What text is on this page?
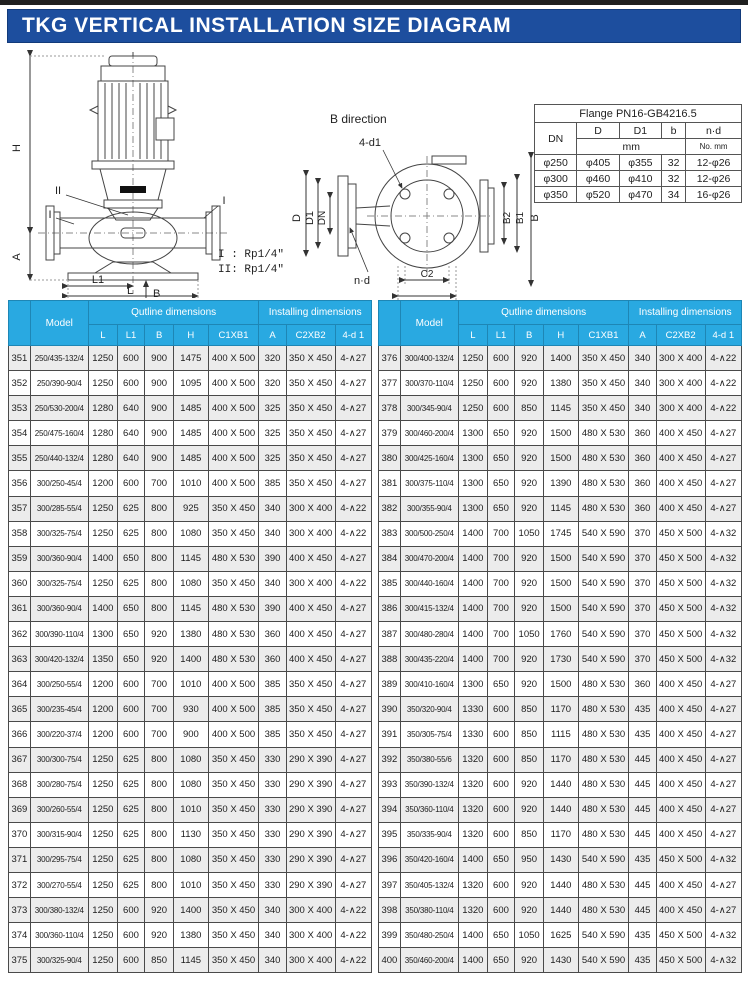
TKG VERTICAL INSTALLATION SIZE DIAGRAM
H
A
L1
L B
II
I
I
B direction
D D1 DN
4-d1
n·d
C2
B2 B1 B
I : Rp1/4"
II: Rp1/4"
Flange PN16-GB4216.5				
DN	D	D1	b	n·d
	mm			No. mm
φ250	φ405	φ355	32	12-φ26
φ300	φ460	φ410	32	12-φ26
φ350	φ520	φ470	34	16-φ26
	Model	Qutline dimensions					Installing dimensions		
		L	L1	B	H	C1XB1	A	C2XB2	4-d 1
351	250/435-132/4	1250	600	900	1475	400 X 500	320	350 X 450	4-∧27
352	250/390-90/4	1250	600	900	1095	400 X 500	320	350 X 450	4-∧27
353	250/530-200/4	1280	640	900	1485	400 X 500	325	350 X 450	4-∧27
354	250/475-160/4	1280	640	900	1485	400 X 500	325	350 X 450	4-∧27
355	250/440-132/4	1280	640	900	1485	400 X 500	325	350 X 450	4-∧27
356	300/250-45/4	1200	600	700	1010	400 X 500	385	350 X 450	4-∧27
357	300/285-55/4	1250	625	800	925	350 X 450	340	300 X 400	4-∧22
358	300/325-75/4	1250	625	800	1080	350 X 450	340	300 X 400	4-∧22
359	300/360-90/4	1400	650	800	1145	480 X 530	390	400 X 450	4-∧27
360	300/325-75/4	1250	625	800	1080	350 X 450	340	300 X 400	4-∧22
361	300/360-90/4	1400	650	800	1145	480 X 530	390	400 X 450	4-∧27
362	300/390-110/4	1300	650	920	1380	480 X 530	360	400 X 450	4-∧27
363	300/420-132/4	1350	650	920	1400	480 X 530	360	400 X 450	4-∧27
364	300/250-55/4	1200	600	700	1010	400 X 500	385	350 X 450	4-∧27
365	300/235-45/4	1200	600	700	930	400 X 500	385	350 X 450	4-∧27
366	300/220-37/4	1200	600	700	900	400 X 500	385	350 X 450	4-∧27
367	300/300-75/4	1250	625	800	1080	350 X 450	330	290 X 390	4-∧27
368	300/280-75/4	1250	625	800	1080	350 X 450	330	290 X 390	4-∧27
369	300/260-55/4	1250	625	800	1010	350 X 450	330	290 X 390	4-∧27
370	300/315-90/4	1250	625	800	1130	350 X 450	330	290 X 390	4-∧27
371	300/295-75/4	1250	625	800	1080	350 X 450	330	290 X 390	4-∧27
372	300/270-55/4	1250	625	800	1010	350 X 450	330	290 X 390	4-∧27
373	300/380-132/4	1250	600	920	1400	350 X 450	340	300 X 400	4-∧22
374	300/360-110/4	1250	600	920	1380	350 X 450	340	300 X 400	4-∧22
375	300/325-90/4	1250	600	850	1145	350 X 450	340	300 X 400	4-∧22
	Model	Qutline dimensions					Installing dimensions		
		L	L1	B	H	C1XB1	A	C2XB2	4-d 1
376	300/400-132/4	1250	600	920	1400	350 X 450	340	300 X 400	4-∧22
377	300/370-110/4	1250	600	920	1380	350 X 450	340	300 X 400	4-∧22
378	300/345-90/4	1250	600	850	1145	350 X 450	340	300 X 400	4-∧22
379	300/460-200/4	1300	650	920	1500	480 X 530	360	400 X 450	4-∧27
380	300/425-160/4	1300	650	920	1500	480 X 530	360	400 X 450	4-∧27
381	300/375-110/4	1300	650	920	1390	480 X 530	360	400 X 450	4-∧27
382	300/355-90/4	1300	650	920	1145	480 X 530	360	400 X 450	4-∧27
383	300/500-250/4	1400	700	1050	1745	540 X 590	370	450 X 500	4-∧32
384	300/470-200/4	1400	700	920	1500	540 X 590	370	450 X 500	4-∧32
385	300/440-160/4	1400	700	920	1500	540 X 590	370	450 X 500	4-∧32
386	300/415-132/4	1400	700	920	1500	540 X 590	370	450 X 500	4-∧32
387	300/480-280/4	1400	700	1050	1760	540 X 590	370	450 X 500	4-∧32
388	300/435-220/4	1400	700	920	1730	540 X 590	370	450 X 500	4-∧32
389	300/410-160/4	1300	650	920	1500	480 X 530	360	400 X 450	4-∧27
390	350/320-90/4	1330	600	850	1170	480 X 530	435	400 X 450	4-∧27
391	350/305-75/4	1330	600	850	1115	480 X 530	435	400 X 450	4-∧27
392	350/380-55/6	1320	600	850	1170	480 X 530	445	400 X 450	4-∧27
393	350/390-132/4	1320	600	920	1440	480 X 530	445	400 X 450	4-∧27
394	350/360-110/4	1320	600	920	1440	480 X 530	445	400 X 450	4-∧27
395	350/335-90/4	1320	600	850	1170	480 X 530	445	400 X 450	4-∧27
396	350/420-160/4	1400	650	950	1430	540 X 590	435	450 X 500	4-∧32
397	350/405-132/4	1320	600	920	1440	480 X 530	445	400 X 450	4-∧27
398	350/380-110/4	1320	600	920	1440	480 X 530	445	400 X 450	4-∧27
399	350/480-250/4	1400	650	1050	1625	540 X 590	435	450 X 500	4-∧32
400	350/460-200/4	1400	650	920	1430	540 X 590	435	450 X 500	4-∧32
